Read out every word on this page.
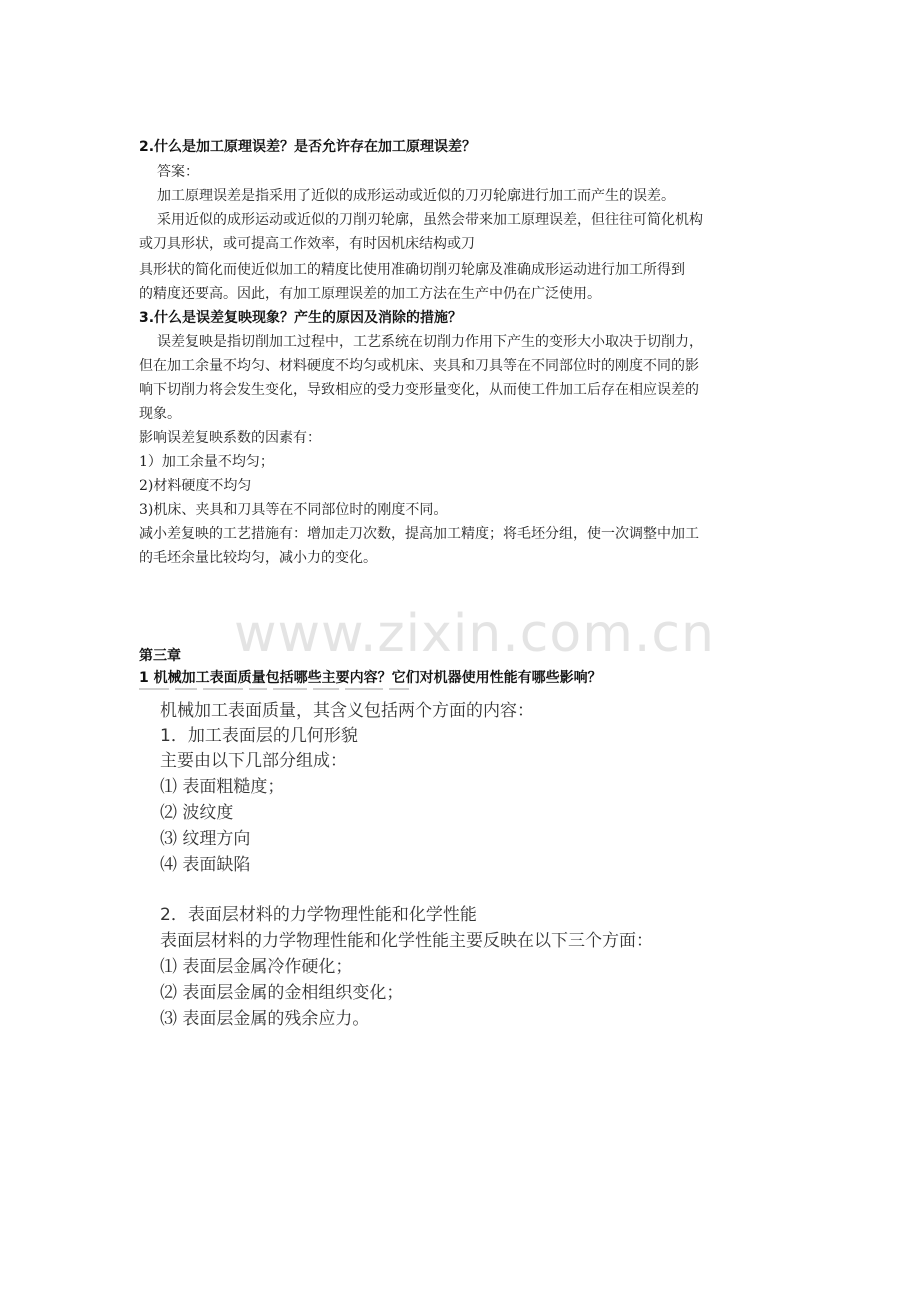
www.zixin.com.cn
2.什么是加工原理误差？是否允许存在加工原理误差？
答案：
加工原理误差是指采用了近似的成形运动或近似的刀刃轮廓进行加工而产生的误差。
采用近似的成形运动或近似的刀削刃轮廓，虽然会带来加工原理误差，但往往可简化机构
或刀具形状，或可提高工作效率，有时因机床结构或刀
具形状的简化而使近似加工的精度比使用准确切削刃轮廓及准确成形运动进行加工所得到
的精度还要高。因此，有加工原理误差的加工方法在生产中仍在广泛使用。
3.什么是误差复映现象？产生的原因及消除的措施？
误差复映是指切削加工过程中，工艺系统在切削力作用下产生的变形大小取决于切削力，
但在加工余量不均匀、材料硬度不均匀或机床、夹具和刀具等在不同部位时的刚度不同的影
响下切削力将会发生变化，导致相应的受力变形量变化，从而使工件加工后存在相应误差的
现象。
影响误差复映系数的因素有：
1）加工余量不均匀；
2)材料硬度不均匀
3)机床、夹具和刀具等在不同部位时的刚度不同。
减小差复映的工艺措施有：增加走刀次数，提高加工精度；将毛坯分组，使一次调整中加工
的毛坯余量比较均匀，减小力的变化。
第三章
1 机械加工表面质量包括哪些主要内容？它们对机器使用性能有哪些影响？
机械加工表面质量，其含义包括两个方面的内容：
1．加工表面层的几何形貌
主要由以下几部分组成：
⑴ 表面粗糙度；
⑵ 波纹度
⑶ 纹理方向
⑷ 表面缺陷
2．表面层材料的力学物理性能和化学性能
表面层材料的力学物理性能和化学性能主要反映在以下三个方面：
⑴ 表面层金属冷作硬化；
⑵ 表面层金属的金相组织变化；
⑶ 表面层金属的残余应力。
